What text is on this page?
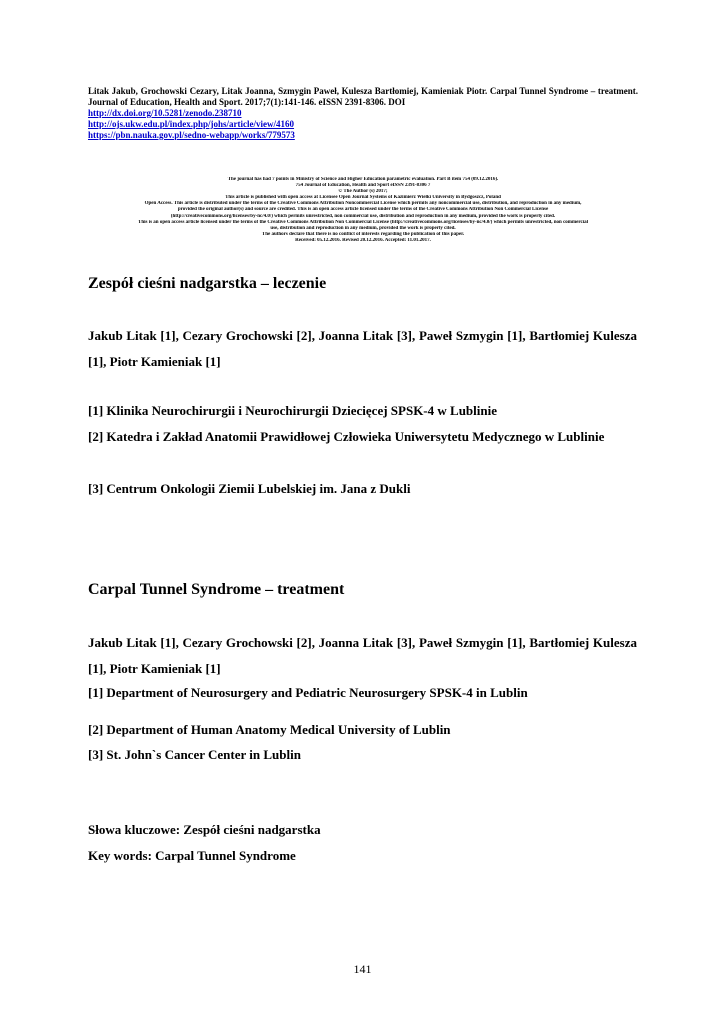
Litak Jakub, Grochowski Cezary, Litak Joanna, Szmygin Paweł, Kulesza Bartłomiej, Kamieniak Piotr. Carpal Tunnel Syndrome – treatment. Journal of Education, Health and Sport. 2017;7(1):141-146. eISSN 2391-8306. DOI
http://dx.doi.org/10.5281/zenodo.238710
http://ojs.ukw.edu.pl/index.php/johs/article/view/4160
https://pbn.nauka.gov.pl/sedno-webapp/works/779573
The journal has had 7 points in Ministry of Science and Higher Education parametric evaluation. Part B item 754 (09.12.2016).
754 Journal of Education, Health and Sport eISSN 2391-8306 7
© The Author (s) 2017;
This article is published with open access at Licensee Open Journal Systems of Kazimierz Wielki University in Bydgoszcz, Poland
Open Access. This article is distributed under the terms of the Creative Commons Attribution Noncommercial License which permits any noncommercial use, distribution, and reproduction in any medium,
provided the original author(s) and source are credited. This is an open access article licensed under the terms of the Creative Commons Attribution Non Commercial License
(http://creativecommons.org/licenses/by-nc/4.0/) which permits unrestricted, non commercial use, distribution and reproduction in any medium, provided the work is properly cited.
This is an open access article licensed under the terms of the Creative Commons Attribution Non Commercial License (http://creativecommons.org/licenses/by-nc/4.0/) which permits unrestricted, non commercial
use, distribution and reproduction in any medium, provided the work is properly cited.
The authors declare that there is no conflict of interests regarding the publication of this paper.
Received: 05.12.2016. Revised 20.12.2016. Accepted: 11.01.2017.
Zespół cieśni nadgarstka – leczenie
Jakub Litak [1], Cezary Grochowski [2], Joanna Litak [3], Paweł Szmygin [1], Bartłomiej Kulesza [1], Piotr Kamieniak [1]
[1] Klinika Neurochirurgii i Neurochirurgii Dziecięcej SPSK-4 w Lublinie
[2] Katedra i Zakład Anatomii Prawidłowej Człowieka Uniwersytetu Medycznego w Lublinie
[3] Centrum Onkologii Ziemii Lubelskiej im. Jana z Dukli
Carpal Tunnel Syndrome – treatment
Jakub Litak [1], Cezary Grochowski [2], Joanna Litak [3], Paweł Szmygin [1], Bartłomiej Kulesza [1], Piotr Kamieniak [1]
[1] Department of Neurosurgery and Pediatric Neurosurgery SPSK-4 in Lublin
[2] Department of Human Anatomy Medical University of Lublin
[3] St. John`s Cancer Center in Lublin
Słowa kluczowe: Zespół cieśni nadgarstka
Key words: Carpal Tunnel Syndrome
141
